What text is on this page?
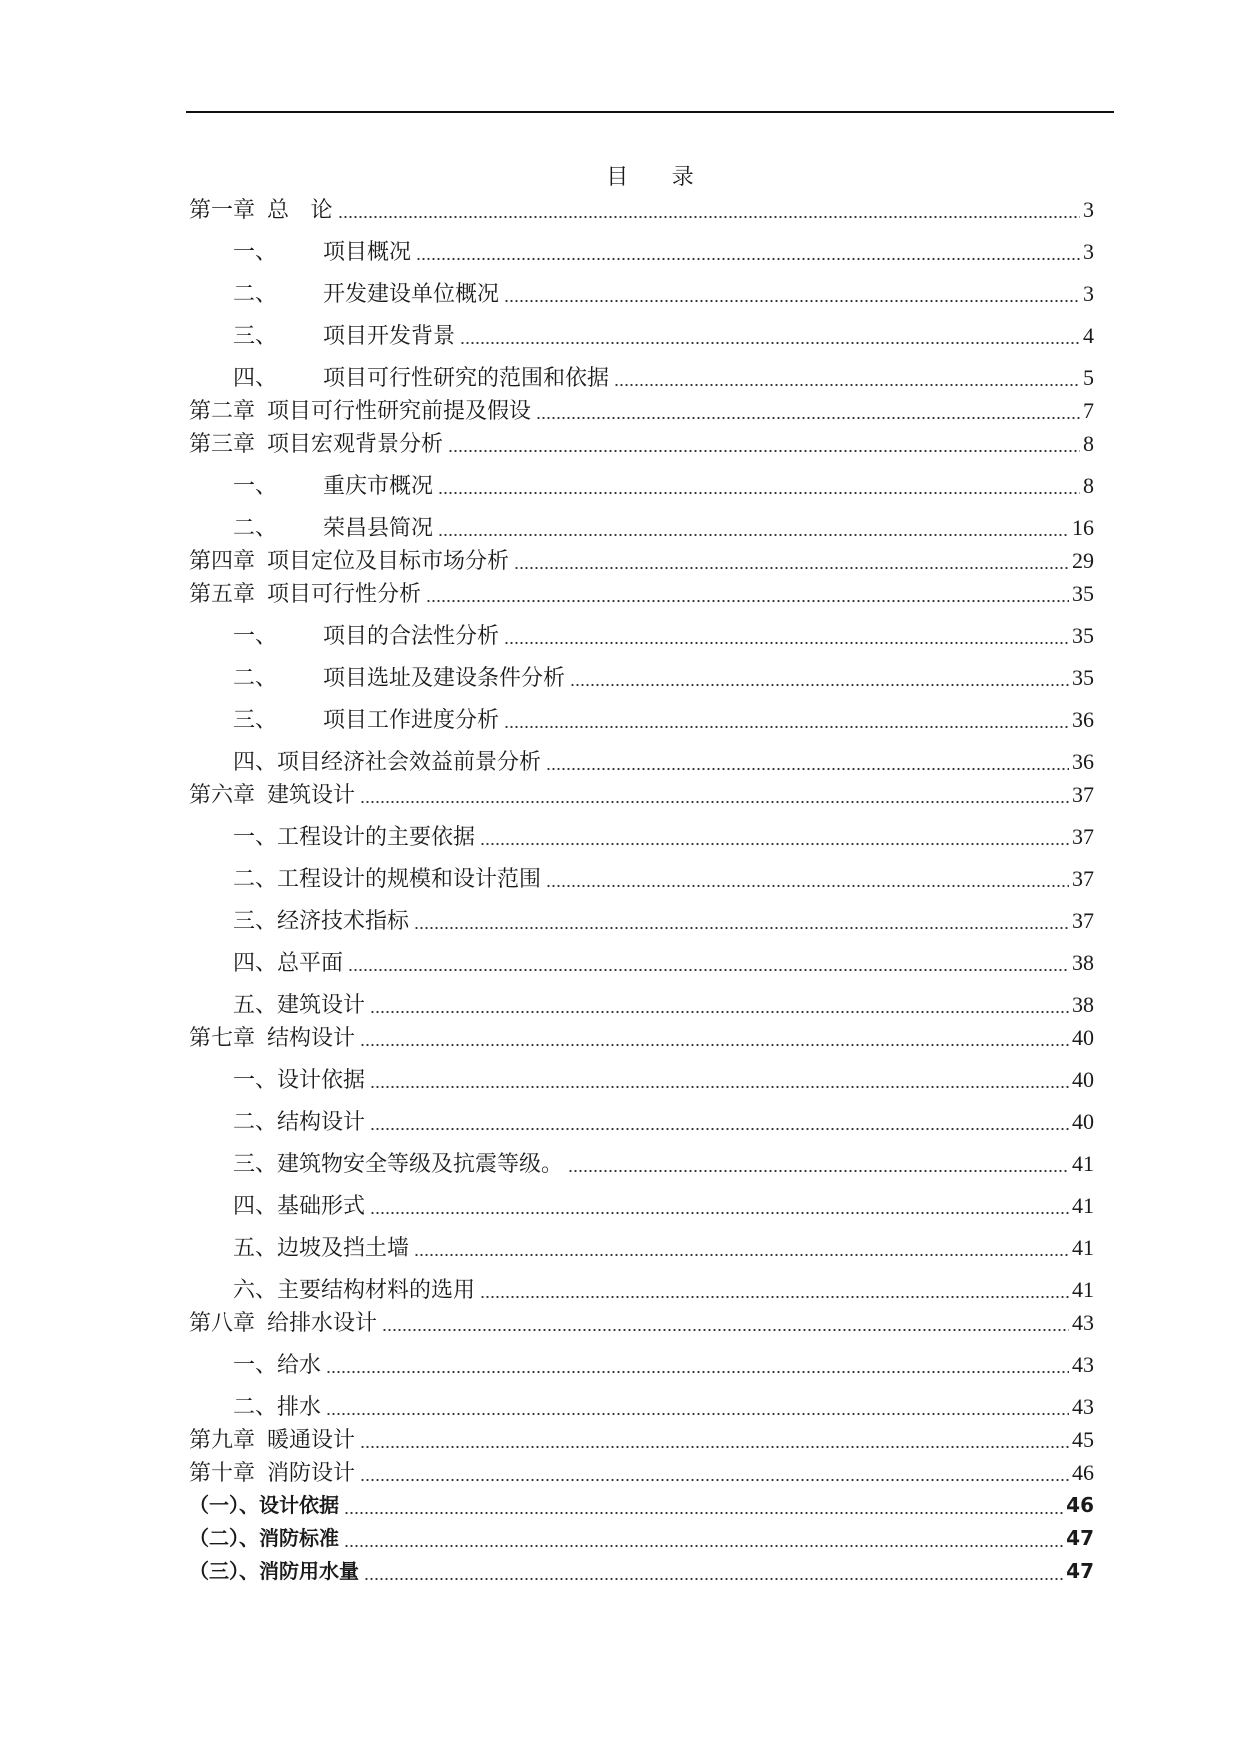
目 录
第一章 总 论	3
一、	项目概况	3
二、	开发建设单位概况	3
三、	项目开发背景	4
四、	项目可行性研究的范围和依据	5
第二章 项目可行性研究前提及假设	7
第三章 项目宏观背景分析	8
一、	重庆市概况	8
二、	荣昌县简况	16
第四章 项目定位及目标市场分析	29
第五章 项目可行性分析	35
一、	项目的合法性分析	35
二、	项目选址及建设条件分析	35
三、	项目工作进度分析	36
四、 项目经济社会效益前景分析	36
第六章 建筑设计	37
一、 工程设计的主要依据	37
二、 工程设计的规模和设计范围	37
三、 经济技术指标	37
四、 总平面	38
五、 建筑设计	38
第七章 结构设计	40
一、 设计依据	40
二、 结构设计	40
三、 建筑物安全等级及抗震等级。	41
四、 基础形式	41
五、 边坡及挡土墙	41
六、 主要结构材料的选用	41
第八章 给排水设计	43
一、 给水	43
二、 排水	43
第九章 暖通设计	45
第十章 消防设计	46
（一）、 设计依据	46
（二）、 消防标准	47
（三）、 消防用水量	47
